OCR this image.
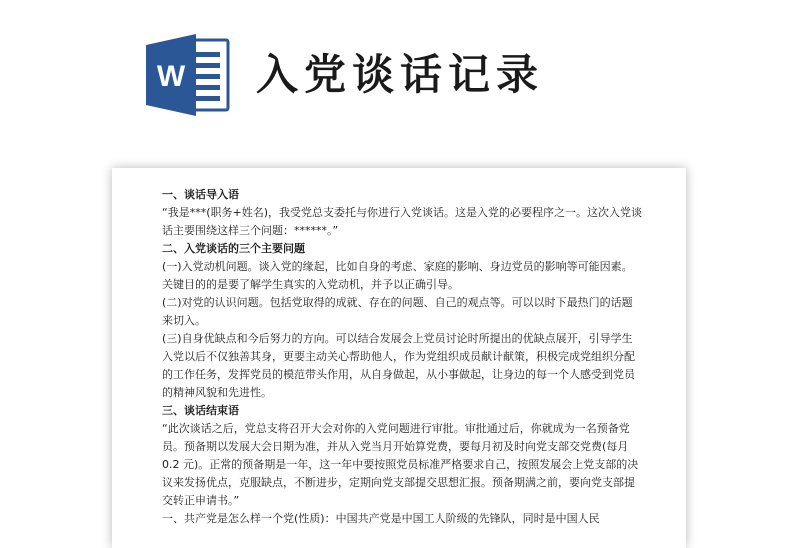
W 入党谈话记录

一、谈话导入语

“我是***(职务+姓名)，我受党总支委托与你进行入党谈话。这是入党的必要程序之一。这次入党谈话主要围绕这样三个问题：******。”

二、入党谈话的三个主要问题

(一)入党动机问题。谈入党的缘起，比如自身的考虑、家庭的影响、身边党员的影响等可能因素。关键目的的是要了解学生真实的入党动机，并予以正确引导。

(二)对党的认识问题。包括党取得的成就、存在的问题、自己的观点等。可以以时下最热门的话题来切入。

(三)自身优缺点和今后努力的方向。可以结合发展会上党员讨论时所提出的优缺点展开，引导学生入党以后不仅独善其身，更要主动关心帮助他人，作为党组织成员献计献策，积极完成党组织分配的工作任务，发挥党员的模范带头作用，从自身做起，从小事做起，让身边的每一个人感受到党员的精神风貌和先进性。

三、谈话结束语

“此次谈话之后，党总支将召开大会对你的入党问题进行审批。审批通过后，你就成为一名预备党员。预备期以发展大会日期为准，并从入党当月开始算党费，要每月初及时向党支部交党费(每月 0.2 元)。正常的预备期是一年，这一年中要按照党员标准严格要求自己，按照发展会上党支部的决议来发扬优点，克服缺点，不断进步，定期向党支部提交思想汇报。预备期满之前，要向党支部提交转正申请书。”

一、共产党是怎么样一个党(性质)：中国共产党是中国工人阶级的先锋队，同时是中国人民
